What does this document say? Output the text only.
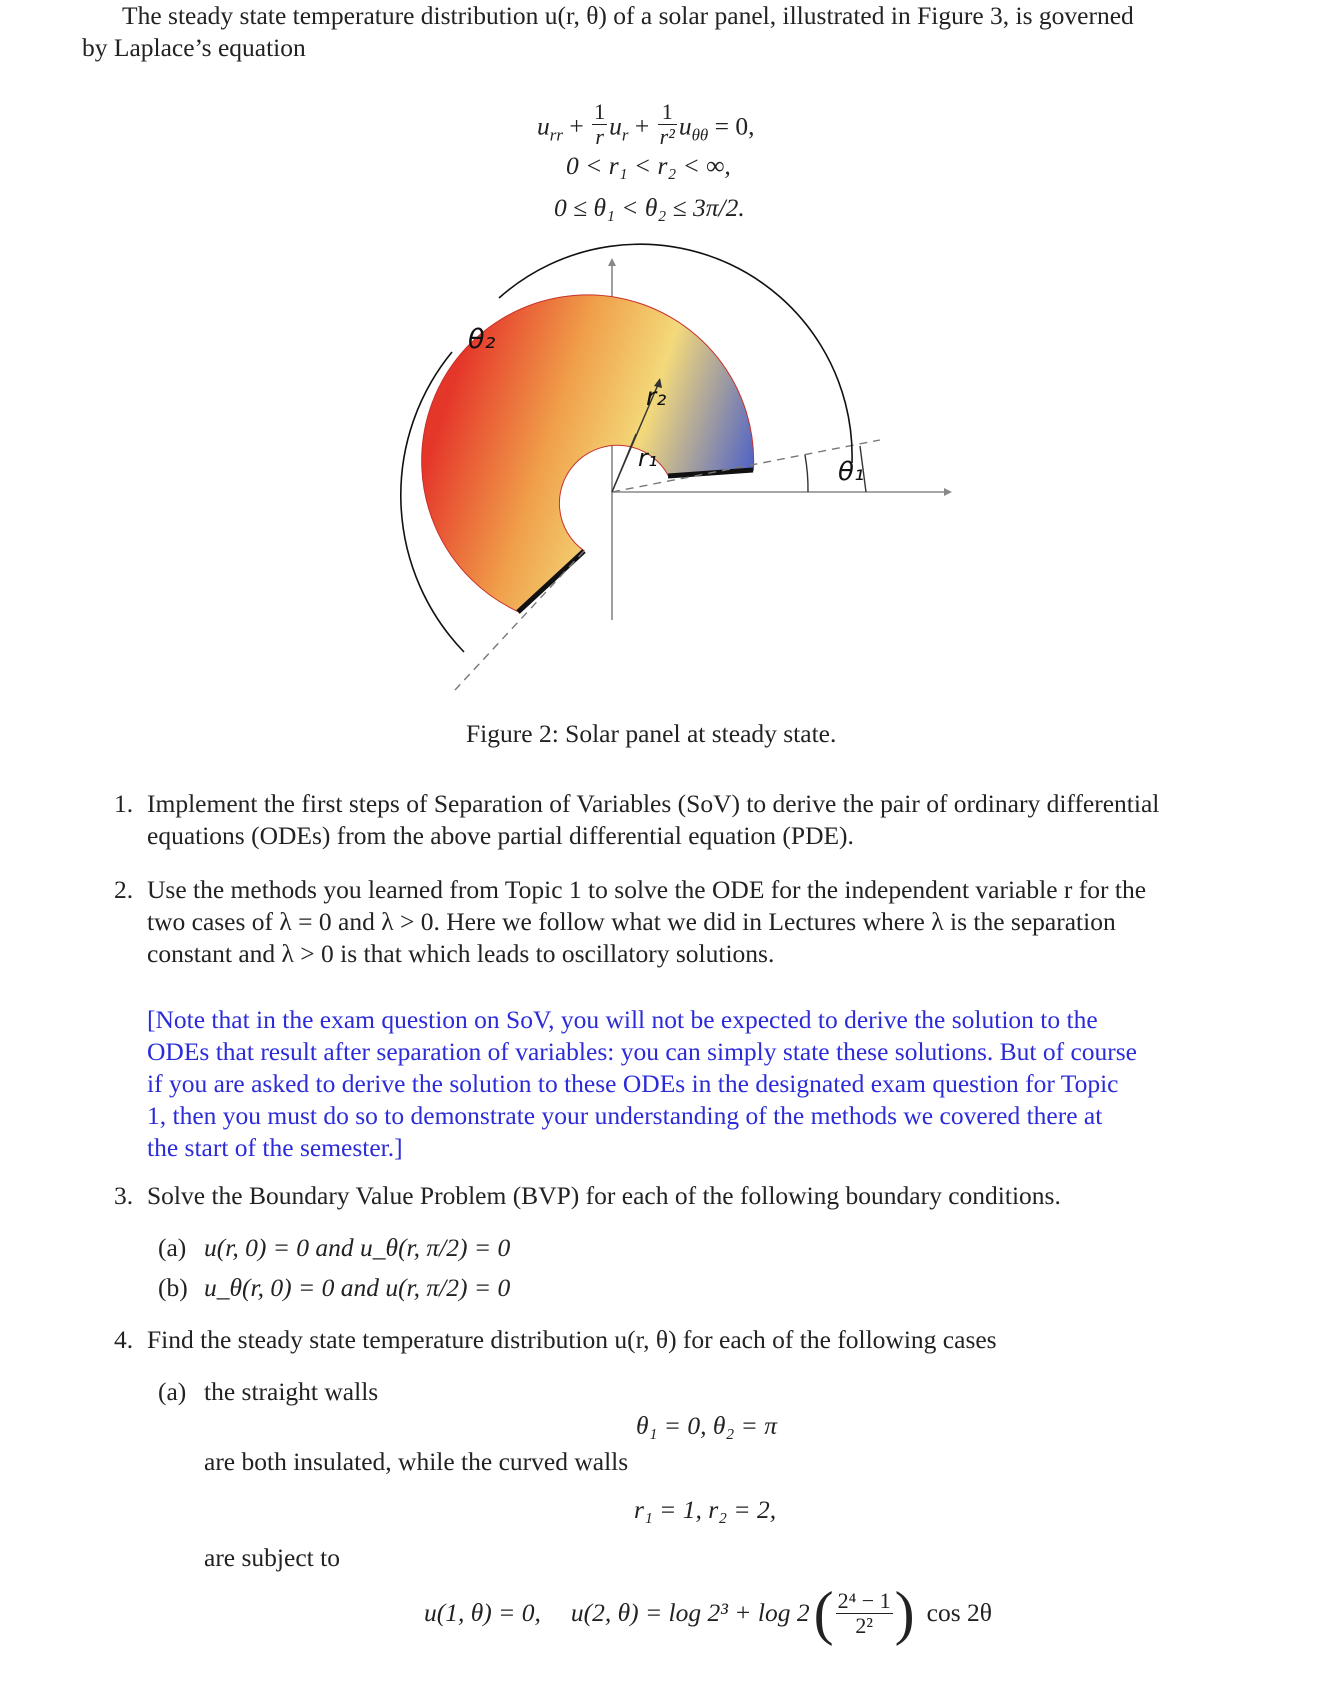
The steady state temperature distribution u(r, θ) of a solar panel, illustrated in Figure 3, is governed
by Laplace’s equation
$u_{rr} + \frac{1}{r} u_r + \frac{1}{\text{r²}} u_{\theta\theta} = 0$,
0 < r₁ < r₂ < ∞,
0 ≤ θ₁ < θ₂ ≤ 3π/2.
θ₂
θ₁
r₂
r₁
Figure 2: Solar panel at steady state.
1. Implement the first steps of Separation of Variables (SoV) to derive the pair of ordinary differential
equations (ODEs) from the above partial differential equation (PDE).
2. Use the methods you learned from Topic 1 to solve the ODE for the independent variable r for the
two cases of λ = 0 and λ > 0. Here we follow what we did in Lectures where λ is the separation
constant and λ > 0 is that which leads to oscillatory solutions.
[Note that in the exam question on SoV, you will not be expected to derive the solution to the
ODEs that result after separation of variables: you can simply state these solutions. But of course
if you are asked to derive the solution to these ODEs in the designated exam question for Topic
1, then you must do so to demonstrate your understanding of the methods we covered there at
the start of the semester.]
3. Solve the Boundary Value Problem (BVP) for each of the following boundary conditions.
(a) u(r, 0) = 0 and u_θ(r, π/2) = 0
(b) u_θ(r, 0) = 0 and u(r, π/2) = 0
4. Find the steady state temperature distribution u(r, θ) for each of the following cases
(a) the straight walls
θ₁ = 0, θ₂ = π
are both insulated, while the curved walls
r₁ = 1, r₂ = 2,
are subject to
u(1, θ) = 0, u(2, θ) = log 2³ + log 2 ( $\frac{\text{2⁴ − 1}}{\text{2²}}$ ) cos 2θ
